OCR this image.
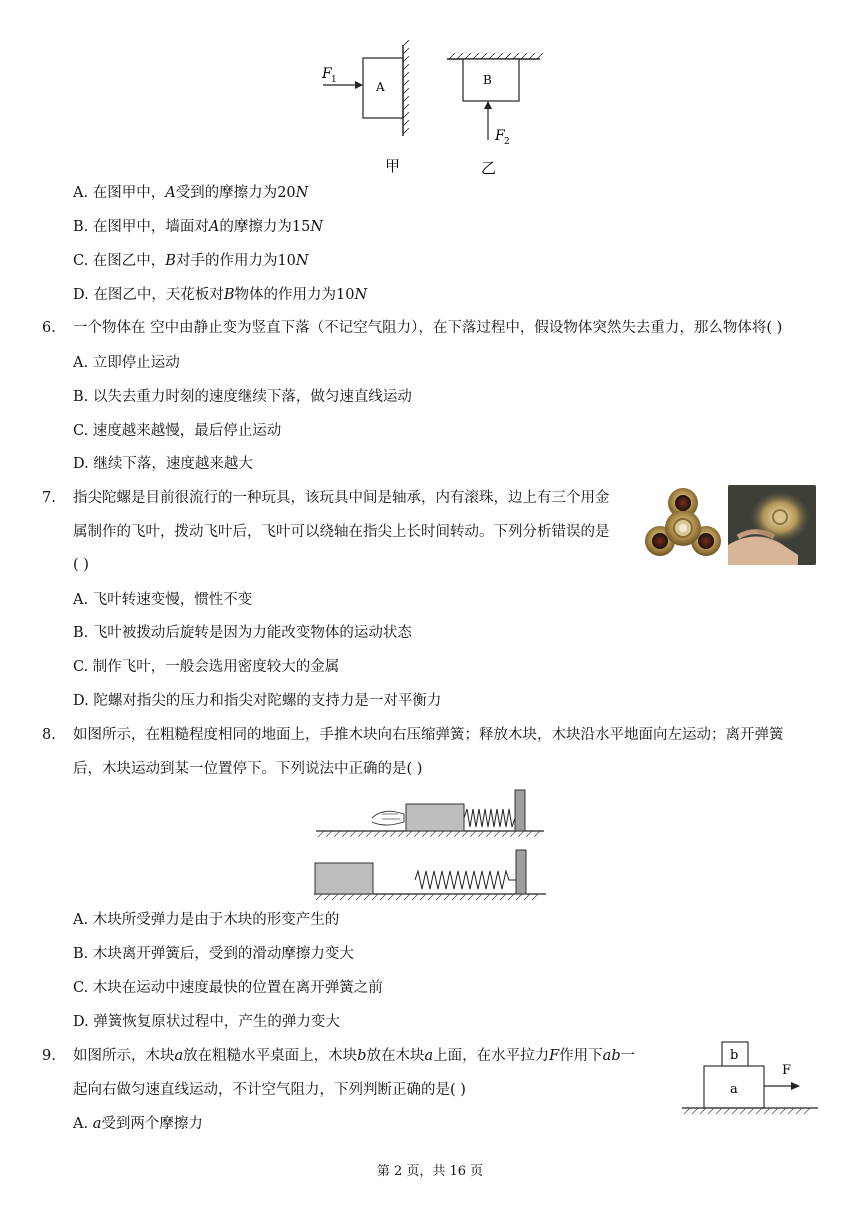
F 1	A	B
F 2
甲	乙
A. 在图甲中，A受到的摩擦力为20N
B. 在图甲中，墙面对A的摩擦力为15N
C. 在图乙中，B对手的作用力为10N
D. 在图乙中，天花板对B物体的作用力为10N
6. 一个物体在 空中由静止变为竖直下落（不记空气阻力），在下落过程中，假设物体突然失去重力，那么物体将( )
A. 立即停止运动
B. 以失去重力时刻的速度继续下落，做匀速直线运动
C. 速度越来越慢，最后停止运动
D. 继续下落，速度越来越大
7. 指尖陀螺是目前很流行的一种玩具，该玩具中间是轴承，内有滚珠，边上有三个用金
属制作的飞叶，拨动飞叶后，飞叶可以绕轴在指尖上长时间转动。下列分析错误的是
( )
A. 飞叶转速变慢，惯性不变
B. 飞叶被拨动后旋转是因为力能改变物体的运动状态
C. 制作飞叶，一般会选用密度较大的金属
D. 陀螺对指尖的压力和指尖对陀螺的支持力是一对平衡力
8. 如图所示，在粗糙程度相同的地面上，手推木块向右压缩弹簧；释放木块，木块沿水平地面向左运动；离开弹簧
后，木块运动到某一位置停下。下列说法中正确的是( )
A. 木块所受弹力是由于木块的形变产生的
B. 木块离开弹簧后，受到的滑动摩擦力变大
C. 木块在运动中速度最快的位置在离开弹簧之前
D. 弹簧恢复原状过程中，产生的弹力变大
9. 如图所示，木块a放在粗糙水平桌面上，木块b放在木块a上面，在水平拉力F作用下ab一
起向右做匀速直线运动，不计空气阻力，下列判断正确的是( )
A. a受到两个摩擦力
b
a
F
第 2 页，共 16 页
